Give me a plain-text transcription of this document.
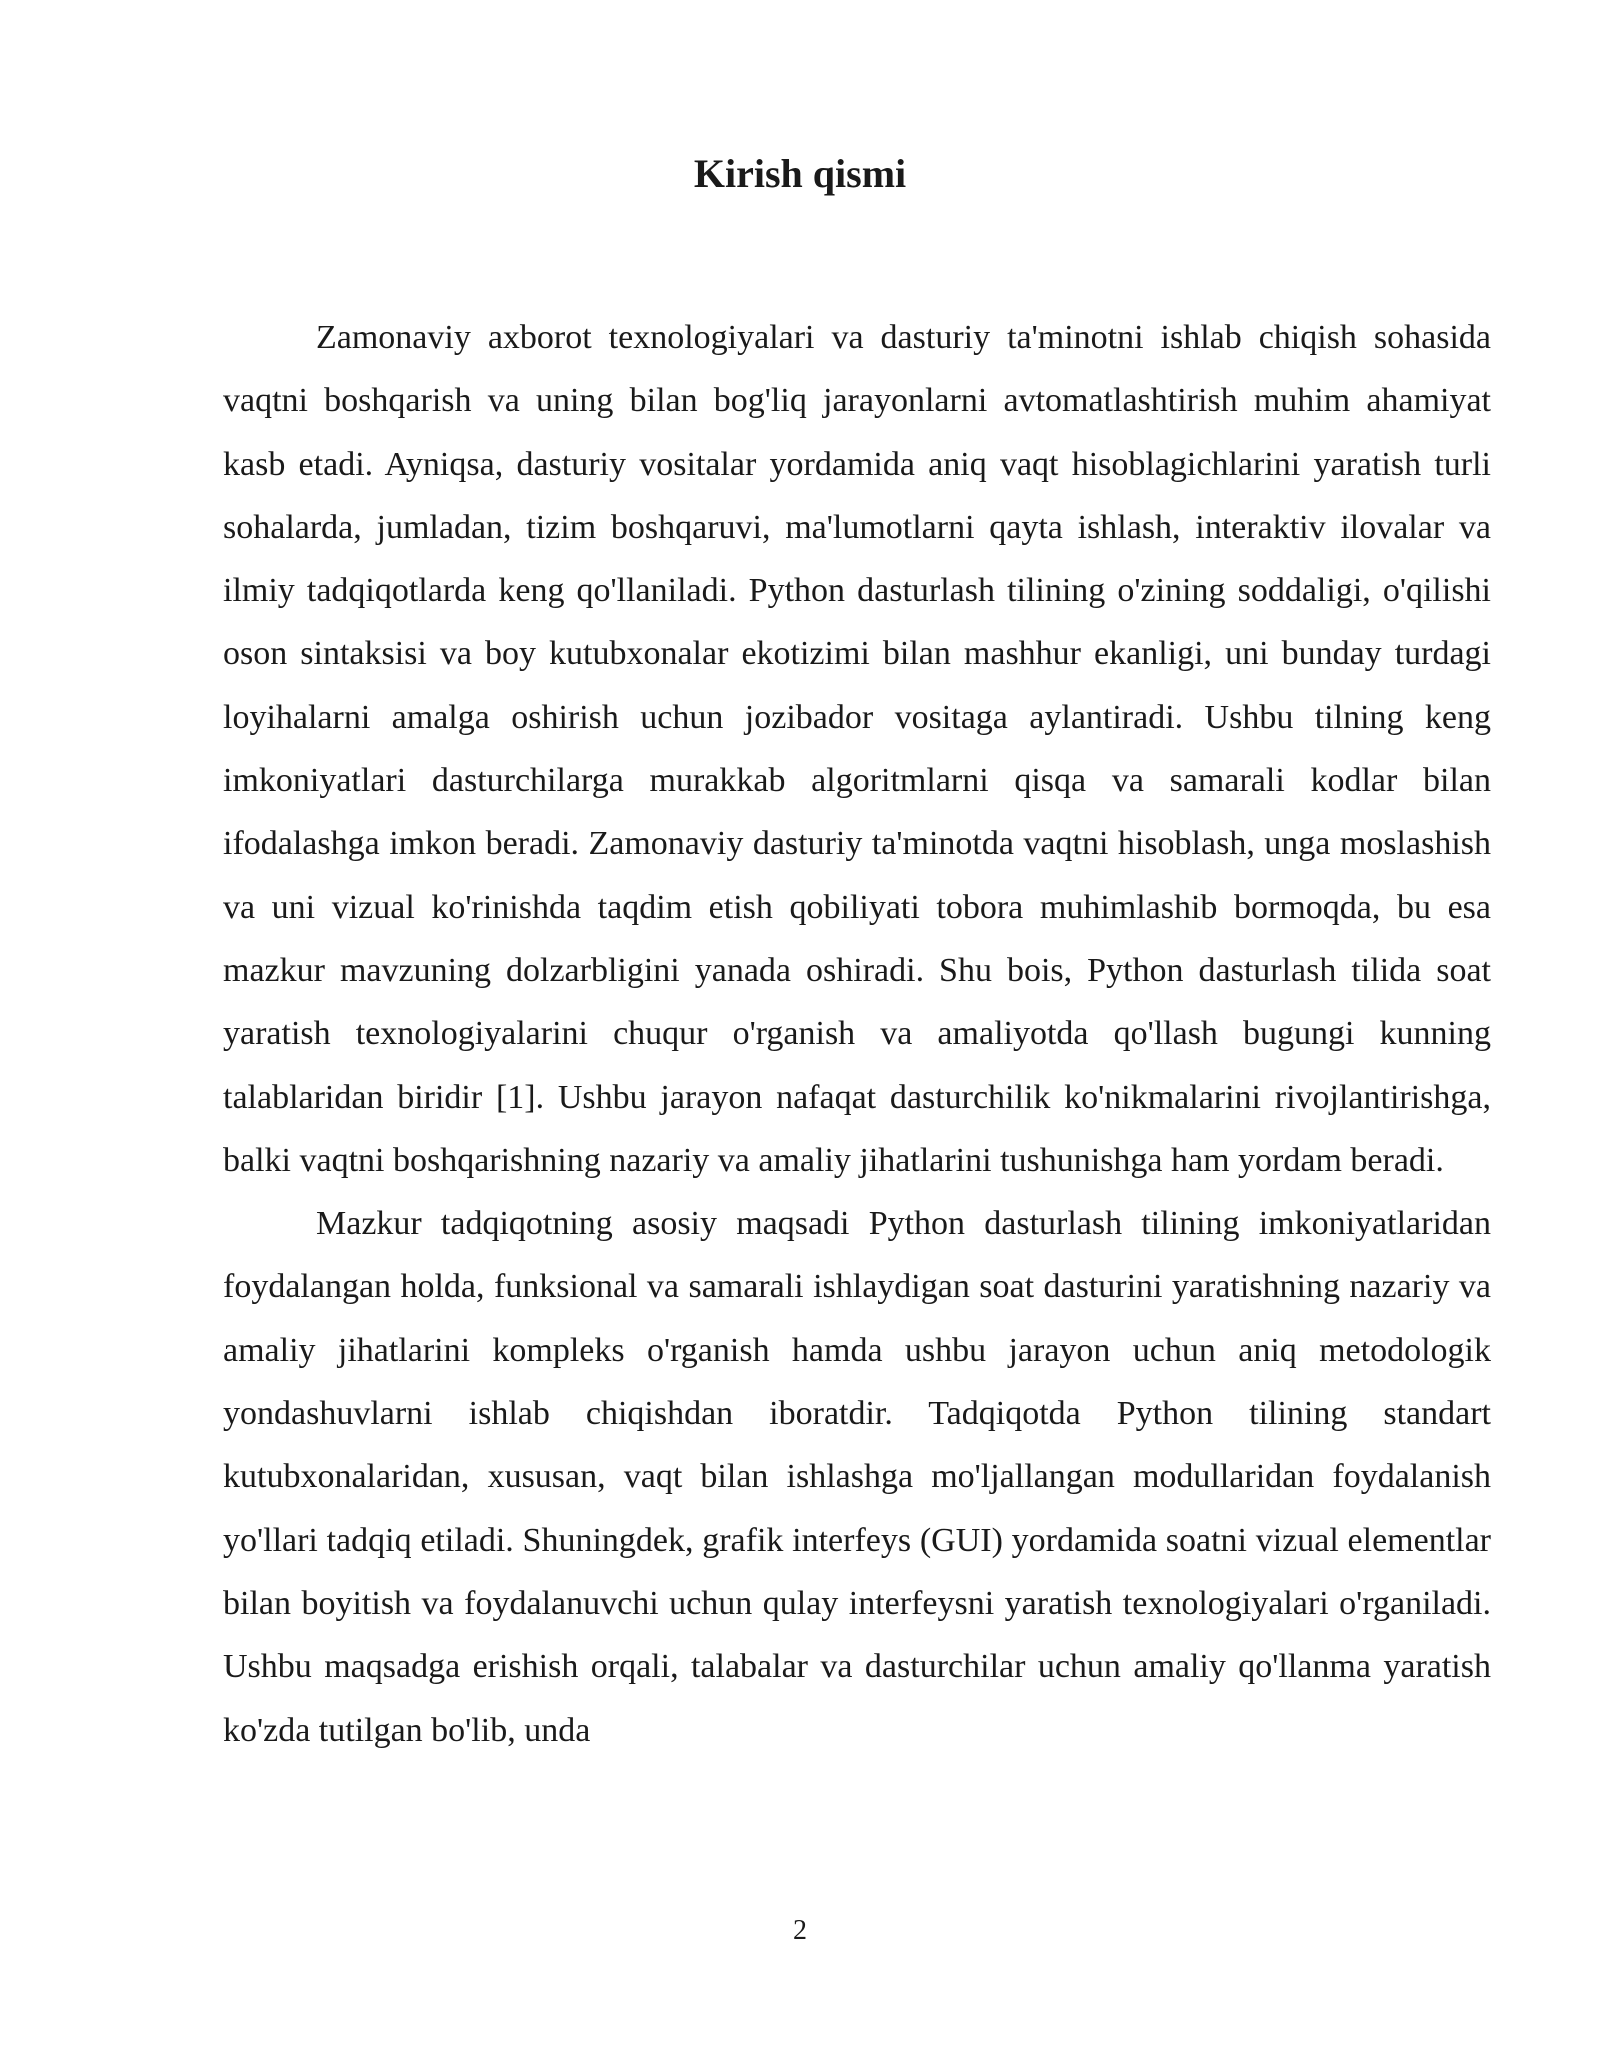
Kirish qismi

Zamonaviy axborot texnologiyalari va dasturiy ta'minotni ishlab chiqish sohasida vaqtni boshqarish va uning bilan bog'liq jarayonlarni avtomatlashtirish muhim ahamiyat kasb etadi. Ayniqsa, dasturiy vositalar yordamida aniq vaqt hisoblagichlarini yaratish turli sohalarda, jumladan, tizim boshqaruvi, ma'lumotlarni qayta ishlash, interaktiv ilovalar va ilmiy tadqiqotlarda keng qo'llaniladi. Python dasturlash tilining o'zining soddaligi, o'qilishi oson sintaksisi va boy kutubxonalar ekotizimi bilan mashhur ekanligi, uni bunday turdagi loyihalarni amalga oshirish uchun jozibador vositaga aylantiradi. Ushbu tilning keng imkoniyatlari dasturchilarga murakkab algoritmlarni qisqa va samarali kodlar bilan ifodalashga imkon beradi. Zamonaviy dasturiy ta'minotda vaqtni hisoblash, unga moslashish va uni vizual ko'rinishda taqdim etish qobiliyati tobora muhimlashib bormoqda, bu esa mazkur mavzuning dolzarbligini yanada oshiradi. Shu bois, Python dasturlash tilida soat yaratish texnologiyalarini chuqur o'rganish va amaliyotda qo'llash bugungi kunning talablaridan biridir [1]. Ushbu jarayon nafaqat dasturchilik ko'nikmalarini rivojlantirishga, balki vaqtni boshqarishning nazariy va amaliy jihatlarini tushunishga ham yordam beradi.

Mazkur tadqiqotning asosiy maqsadi Python dasturlash tilining imkoniyatlaridan foydalangan holda, funksional va samarali ishlaydigan soat dasturini yaratishning nazariy va amaliy jihatlarini kompleks o'rganish hamda ushbu jarayon uchun aniq metodologik yondashuvlarni ishlab chiqishdan iboratdir. Tadqiqotda Python tilining standart kutubxonalaridan, xususan, vaqt bilan ishlashga mo'ljallangan modullaridan foydalanish yo'llari tadqiq etiladi. Shuningdek, grafik interfeys (GUI) yordamida soatni vizual elementlar bilan boyitish va foydalanuvchi uchun qulay interfeysni yaratish texnologiyalari o'rganiladi. Ushbu maqsadga erishish orqali, talabalar va dasturchilar uchun amaliy qo'llanma yaratish ko'zda tutilgan bo'lib, unda

2
